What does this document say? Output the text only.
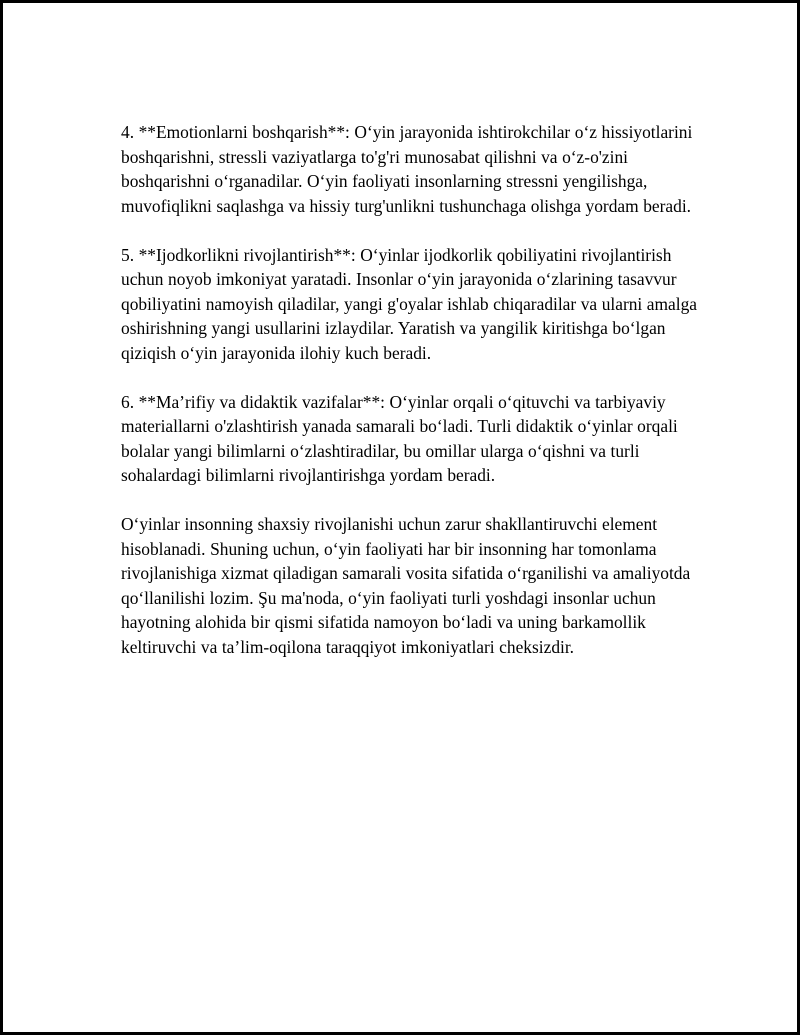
4. **Emotionlarni boshqarish**: O‘yin jarayonida ishtirokchilar o‘z hissiyotlarini boshqarishni, stressli vaziyatlarga to'g'ri munosabat qilishni va o‘z-o'zini boshqarishni o‘rganadilar. O‘yin faoliyati insonlarning stressni yengilishga, muvofiqlikni saqlashga va hissiy turg'unlikni tushunchaga olishga yordam beradi.

5. **Ijodkorlikni rivojlantirish**: O‘yinlar ijodkorlik qobiliyatini rivojlantirish uchun noyob imkoniyat yaratadi. Insonlar o‘yin jarayonida o‘zlarining tasavvur qobiliyatini namoyish qiladilar, yangi g'oyalar ishlab chiqaradilar va ularni amalga oshirishning yangi usullarini izlaydilar. Yaratish va yangilik kiritishga bo‘lgan qiziqish o‘yin jarayonida ilohiy kuch beradi.

6. **Ma’rifiy va didaktik vazifalar**: O‘yinlar orqali o‘qituvchi va tarbiyaviy materiallarni o'zlashtirish yanada samarali bo‘ladi. Turli didaktik o‘yinlar orqali bolalar yangi bilimlarni o‘zlashtiradilar, bu omillar ularga o‘qishni va turli sohalardagi bilimlarni rivojlantirishga yordam beradi.

O‘yinlar insonning shaxsiy rivojlanishi uchun zarur shakllantiruvchi element hisoblanadi. Shuning uchun, o‘yin faoliyati har bir insonning har tomonlama rivojlanishiga xizmat qiladigan samarali vosita sifatida o‘rganilishi va amaliyotda qo‘llanilishi lozim. Şu ma'noda, o‘yin faoliyati turli yoshdagi insonlar uchun hayotning alohida bir qismi sifatida namoyon bo‘ladi va uning barkamollik keltiruvchi va ta’lim-oqilona taraqqiyot imkoniyatlari cheksizdir.
